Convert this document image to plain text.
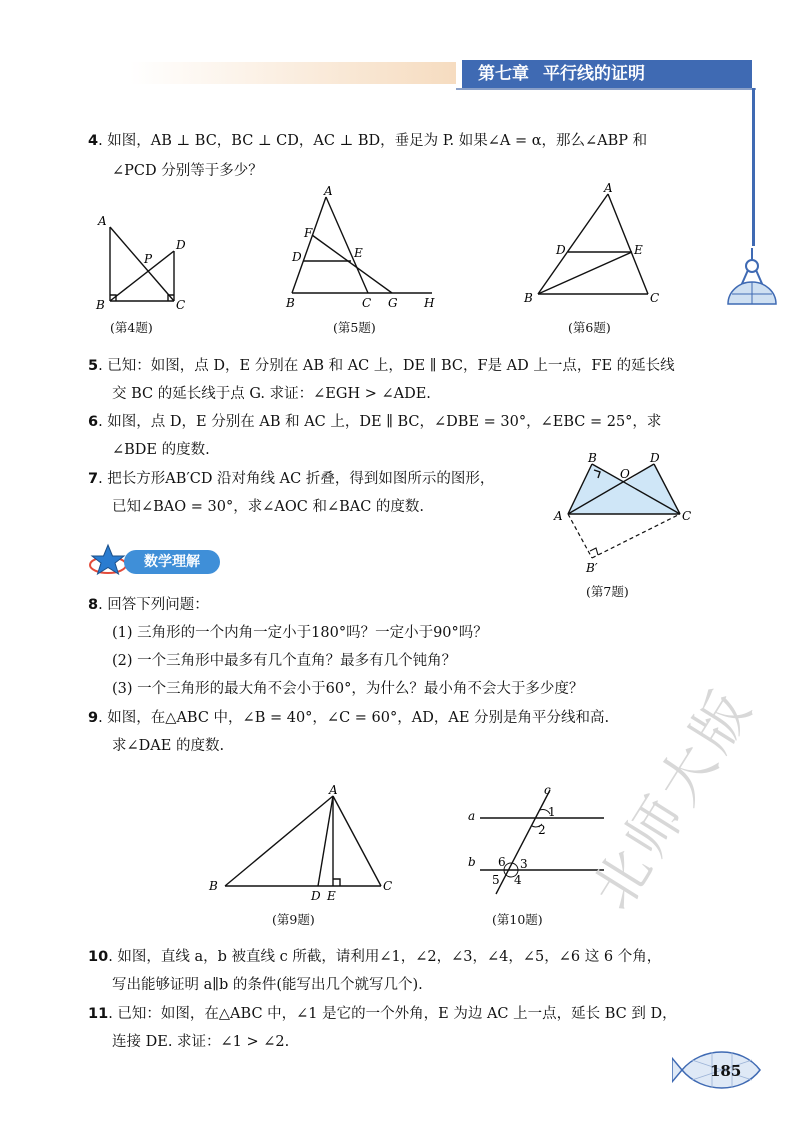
第七章 平行线的证明
4. 如图，AB ⊥ BC，BC ⊥ CD，AC ⊥ BD，垂足为 P. 如果∠A = α，那么∠ABP 和
∠PCD 分别等于多少？
A
B	C
D
P
(第4题)
A
F
D	E
B	C G H
(第5题)
A
D	E
B	C
(第6题)
5. 已知：如图，点 D，E 分别在 AB 和 AC 上，DE ∥ BC，F是 AD 上一点，FE 的延长线
交 BC 的延长线于点 G. 求证：∠EGH > ∠ADE.
6. 如图，点 D，E 分别在 AB 和 AC 上，DE ∥ BC，∠DBE = 30°，∠EBC = 25°，求
∠BDE 的度数.
7. 把长方形AB′CD 沿对角线 AC 折叠，得到如图所示的图形，
已知∠BAO = 30°，求∠AOC 和∠BAC 的度数.
B
O
D
A	C
B′
(第7题)
数学理解
8. 回答下列问题：
(1) 三角形的一个内角一定小于180°吗？一定小于90°吗？
(2) 一个三角形中最多有几个直角？最多有几个钝角？
(3) 一个三角形的最大角不会小于60°，为什么？最小角不会大于多少度？
9. 如图，在△ABC 中，∠B = 40°，∠C = 60°，AD，AE 分别是角平分线和高.
求∠DAE 的度数.
A
B
D E
C
(第9题)
c
a
b
1
2
3
4
5
6
(第10题)
10. 如图，直线 a，b 被直线 c 所截，请利用∠1，∠2，∠3，∠4，∠5，∠6 这 6 个角，
写出能够证明 a∥b 的条件(能写出几个就写几个).
11. 已知：如图，在△ABC 中，∠1 是它的一个外角，E 为边 AC 上一点，延长 BC 到 D，
连接 DE. 求证：∠1 > ∠2.
北师大版
185
